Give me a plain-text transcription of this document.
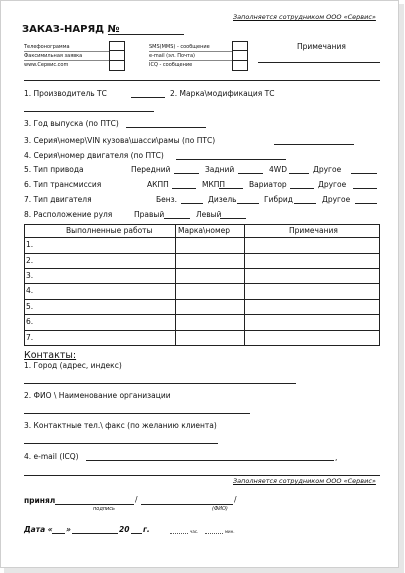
Заполняется сотрудником ООО «Сервис»
ЗАКАЗ-НАРЯД №
Телефонограмма
Факсимильная заявка
www.Сервис.com
SMS(MMS) - сообщение
e-mail (эл. Почта)
ICQ - сообщение
Примечания
1. Производитель ТС	2. Марка\модификация ТС
3. Год выпуска (по ПТС)
3. Серия\номер\VIN кузова\шасси\рамы (по ПТС)
4. Серия\номер двигателя (по ПТС)
5. Тип привода	Передний	Задний	4WD	Другое
6. Тип трансмиссия	АКПП	МКПП	Вариатор	Другое
7. Тип двигателя	Бенз.	Дизель	Гибрид	Другое
8. Расположение руля	Правый	Левый
Выполненные работы	Марка\номер	Примечания
1.
2.
3.
4.
5.
6.
7.
Контакты:
1. Город (адрес, индекс)
2. ФИО \ Наименование организации
3. Контактные тел.\ факс (по желанию клиента)
4. e-mail (ICQ)	,
Заполняется сотрудником ООО «Сервис»
принял	/	/
подпись	(ФИО)
Дата « »	20 г.	час.	мин.
